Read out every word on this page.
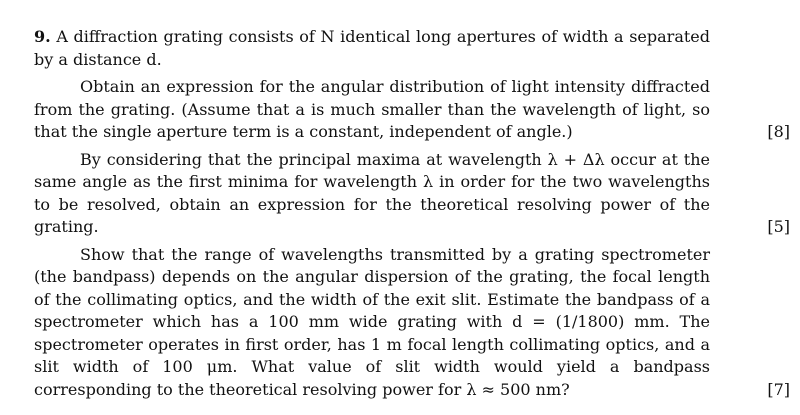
9. A diffraction grating consists of N identical long apertures of width a separated by a distance d.

Obtain an expression for the angular distribution of light intensity diffracted from the grating. (Assume that a is much smaller than the wavelength of light, so that the single aperture term is a constant, independent of angle.)	[8]

By considering that the principal maxima at wavelength λ + Δλ occur at the same angle as the first minima for wavelength λ in order for the two wavelengths to be resolved, obtain an expression for the theoretical resolving power of the grating.	[5]

Show that the range of wavelengths transmitted by a grating spectrometer (the bandpass) depends on the angular dispersion of the grating, the focal length of the collimating optics, and the width of the exit slit. Estimate the bandpass of a spectrometer which has a 100 mm wide grating with d = (1/1800) mm. The spectrometer operates in first order, has 1 m focal length collimating optics, and a slit width of 100 μm. What value of slit width would yield a bandpass corresponding to the theoretical resolving power for λ ≈ 500 nm?	[7]
